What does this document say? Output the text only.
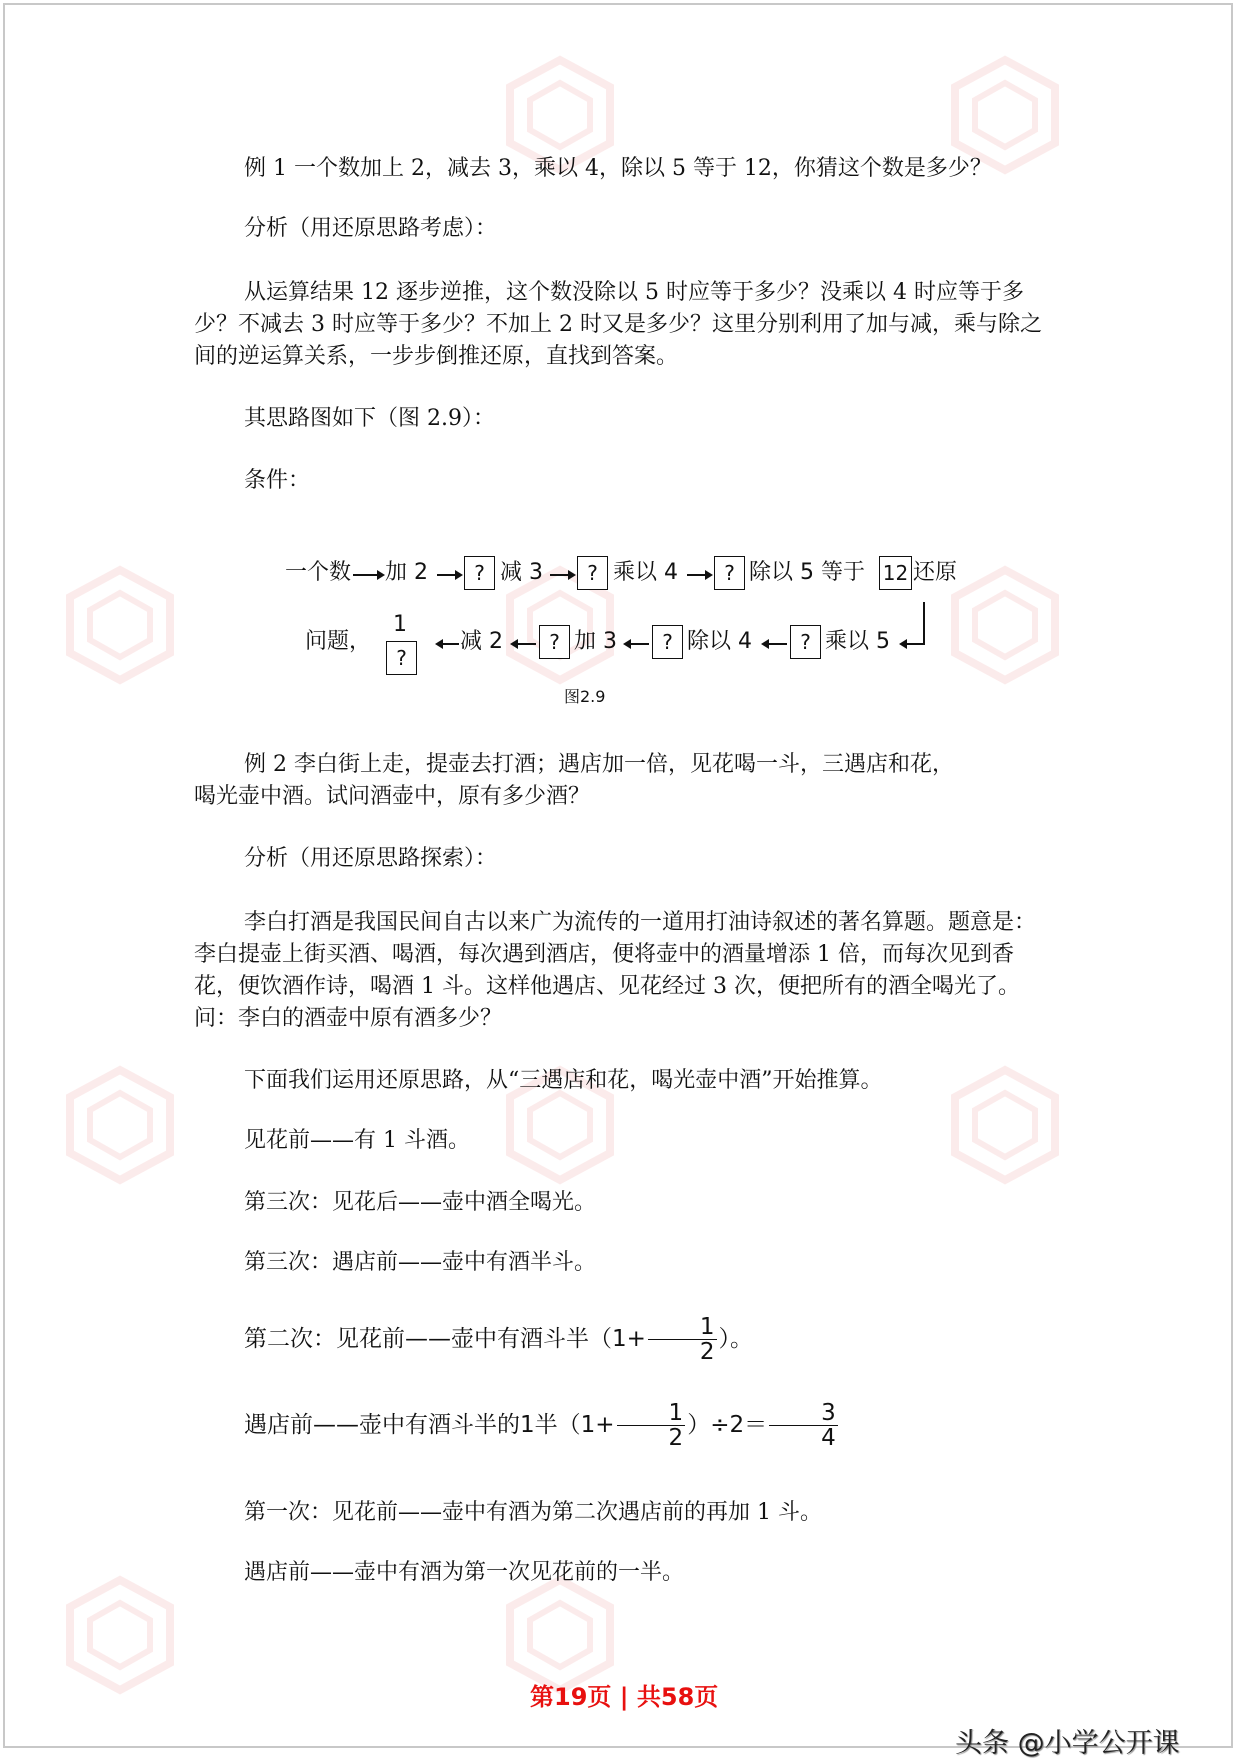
例 1 一个数加上 2，减去 3，乘以 4，除以 5 等于 12，你猜这个数是多少？

分析（用还原思路考虑）：

从运算结果 12 逐步逆推，这个数没除以 5 时应等于多少？没乘以 4 时应等于多少？不减去 3 时应等于多少？不加上 2 时又是多少？这里分别利用了加与减，乘与除之间的逆运算关系，一步步倒推还原，直找到答案。

其思路图如下（图 2.9）：

条件：

一个数 加 2	? 减 3	? 乘以 4	? 除以 5 等于 12 还原
问题，
1
?
减 2	? 加 3	? 除以 4	? 乘以 5
图2.9

例 2 李白街上走，提壶去打酒；遇店加一倍，见花喝一斗，三遇店和花，

喝光壶中酒。试问酒壶中，原有多少酒？

分析（用还原思路探索）：

李白打酒是我国民间自古以来广为流传的一道用打油诗叙述的著名算题。题意是：李白提壶上街买酒、喝酒，每次遇到酒店，便将壶中的酒量增添 1 倍，而每次见到香花，便饮酒作诗，喝酒 1 斗。这样他遇店、见花经过 3 次，便把所有的酒全喝光了。问：李白的酒壶中原有酒多少？

下面我们运用还原思路，从“三遇店和花，喝光壶中酒”开始推算。

见花前——有 1 斗酒。

第三次：见花后——壶中酒全喝光。

第三次：遇店前——壶中有酒半斗。

第二次：见花前——壶中有酒斗半（$1+ \frac{1}{2}$ ）。

遇店前——壶中有酒斗半的1半$(1+ \frac{1}{2} )\div 2= \frac{3}{4}$

第一次：见花前——壶中有酒为第二次遇店前的再加 1 斗。

遇店前——壶中有酒为第一次见花前的一半。

第19页 | 共58页
头条 @小学公开课
